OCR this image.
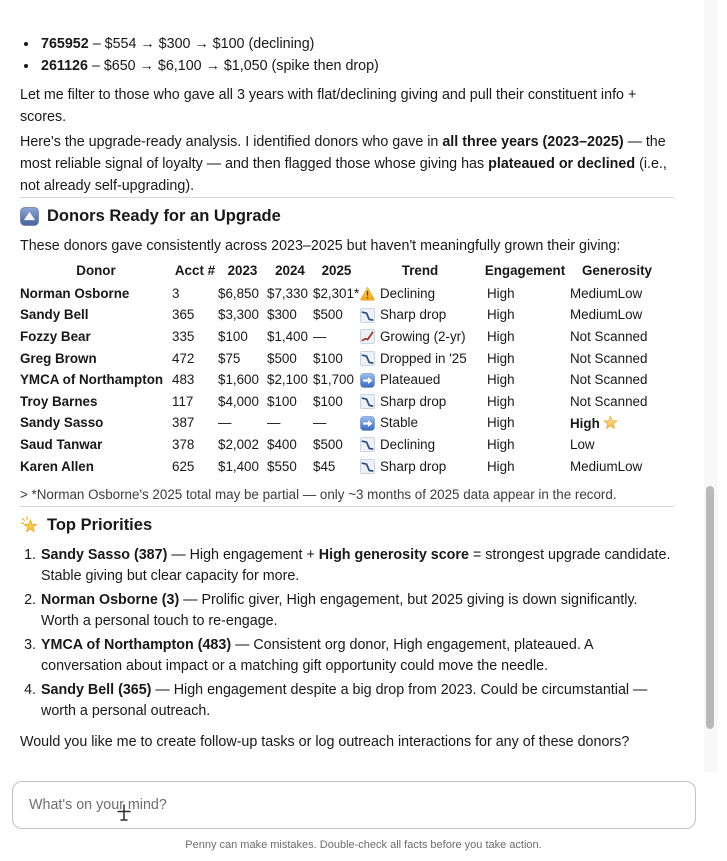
• 765952 – $554 → $300 → $100 (declining)
• 261126 – $650 → $6,100 → $1,050 (spike then drop)

Let me filter to those who gave all 3 years with flat/declining giving and pull their constituent info + scores.

Here's the upgrade-ready analysis. I identified donors who gave in all three years (2023–2025) — the most reliable signal of loyalty — and then flagged those whose giving has plateaued or declined (i.e., not already self-upgrading).

Donors Ready for an Upgrade

These donors gave consistently across 2023–2025 but haven't meaningfully grown their giving:

Donor	Acct #	2023	2024	2025	Trend	Engagement	Generosity
Norman Osborne	3	$6,850	$7,330	$2,301*	Declining	High	MediumLow
Sandy Bell	365	$3,300	$300	$500	Sharp drop	High	MediumLow
Fozzy Bear	335	$100	$1,400	—	Growing (2-yr)	High	Not Scanned
Greg Brown	472	$75	$500	$100	Dropped in '25	High	Not Scanned
YMCA of Northampton	483	$1,600	$2,100	$1,700	Plateaued	High	Not Scanned
Troy Barnes	117	$4,000	$100	$100	Sharp drop	High	Not Scanned
Sandy Sasso	387	—	—	—	Stable	High	High
Saud Tanwar	378	$2,002	$400	$500	Declining	High	Low
Karen Allen	625	$1,400	$550	$45	Sharp drop	High	MediumLow

> *Norman Osborne's 2025 total may be partial — only ~3 months of 2025 data appear in the record.

Top Priorities
1. Sandy Sasso (387) — High engagement + High generosity score = strongest upgrade candidate. Stable giving but clear capacity for more.
2. Norman Osborne (3) — Prolific giver, High engagement, but 2025 giving is down significantly. Worth a personal touch to re-engage.
3. YMCA of Northampton (483) — Consistent org donor, High engagement, plateaued. A conversation about impact or a matching gift opportunity could move the needle.
4. Sandy Bell (365) — High engagement despite a big drop from 2023. Could be circumstantial — worth a personal outreach.

Would you like me to create follow-up tasks or log outreach interactions for any of these donors?

What's on your mind?
Penny can make mistakes. Double-check all facts before you take action.
